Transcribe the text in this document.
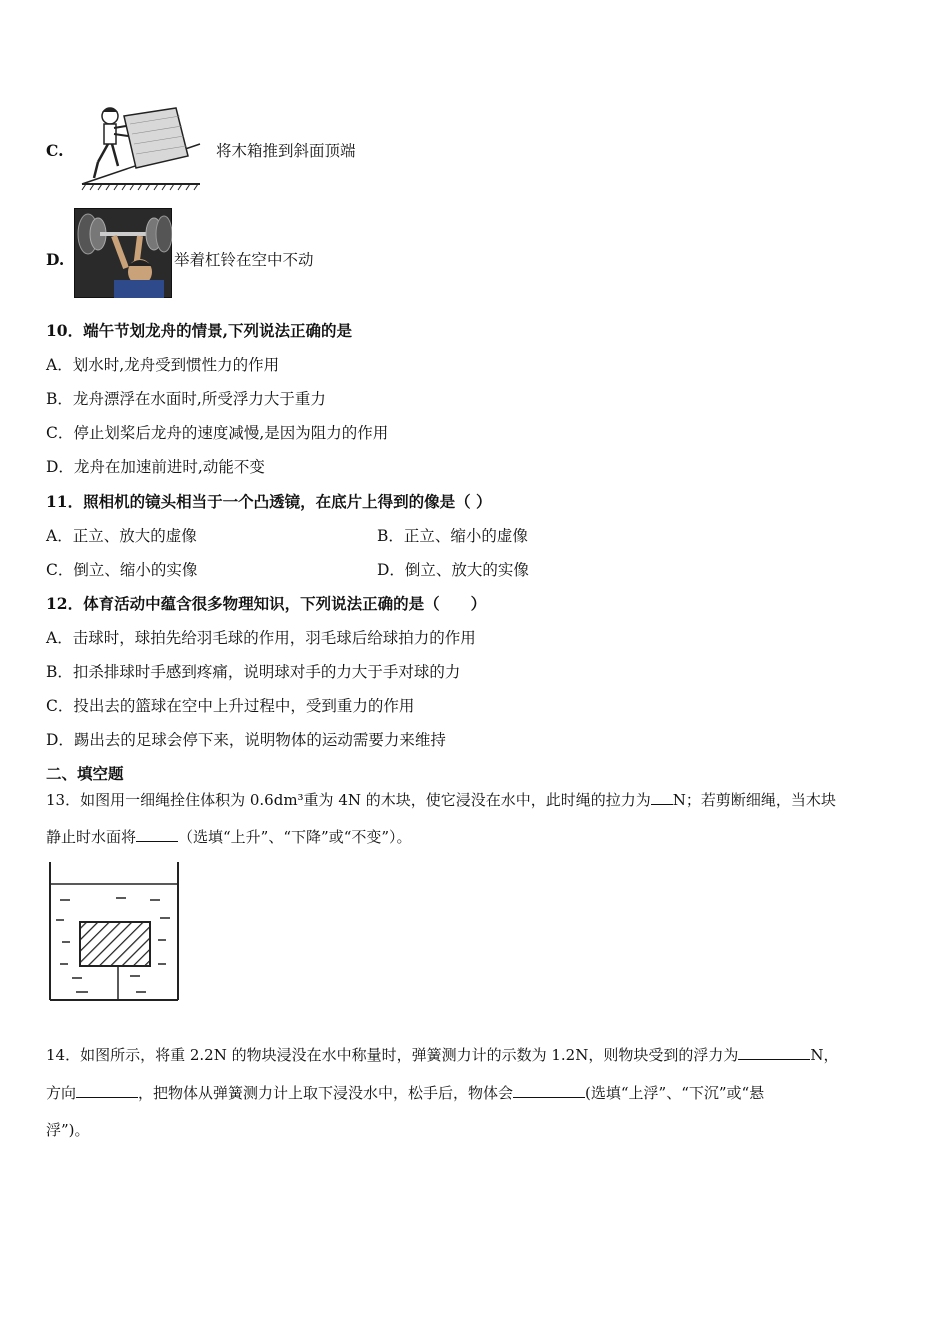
C.	将木箱推到斜面顶端
D.	举着杠铃在空中不动
10．端午节划龙舟的情景,下列说法正确的是
A．划水时,龙舟受到惯性力的作用
B．龙舟漂浮在水面时,所受浮力大于重力
C．停止划桨后龙舟的速度减慢,是因为阻力的作用
D．龙舟在加速前进时,动能不变
11．照相机的镜头相当于一个凸透镜，在底片上得到的像是（ ）
A．正立、放大的虚像	B．正立、缩小的虚像
C．倒立、缩小的实像	D．倒立、放大的实像
12．体育活动中蕴含很多物理知识，下列说法正确的是（　　）
A．击球时，球拍先给羽毛球的作用，羽毛球后给球拍力的作用
B．扣杀排球时手感到疼痛，说明球对手的力大于手对球的力
C．投出去的篮球在空中上升过程中，受到重力的作用
D．踢出去的足球会停下来，说明物体的运动需要力来维持
二、填空题
13．如图用一细绳拴住体积为 0.6dm³重为 4N 的木块，使它浸没在水中，此时绳的拉力为 N；若剪断细绳，当木块
静止时水面将	（选填“上升”、“下降”或“不变”）。
14．如图所示，将重 2.2N 的物块浸没在水中称量时，弹簧测力计的示数为 1.2N，则物块受到的浮力为	N，
方向	，把物体从弹簧测力计上取下浸没水中，松手后，物体会	(选填“上浮”、“下沉”或“悬
浮”)。
